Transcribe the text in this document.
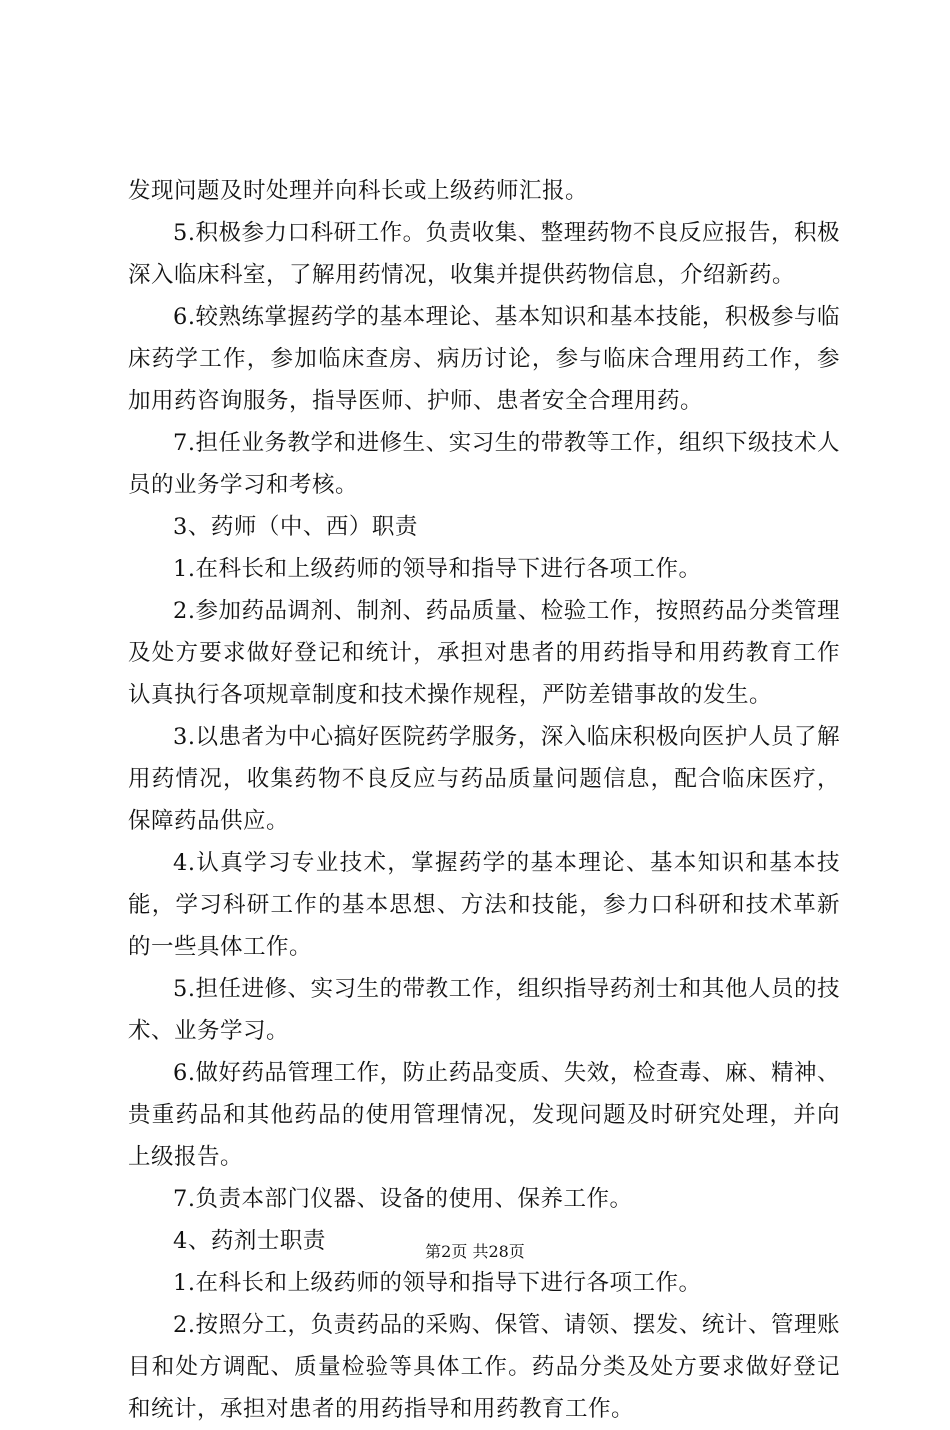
发现问题及时处理并向科长或上级药师汇报。

5.积极参力口科研工作。负责收集、整理药物不良反应报告，积极深入临床科室，了解用药情况，收集并提供药物信息，介绍新药。

6.较熟练掌握药学的基本理论、基本知识和基本技能，积极参与临床药学工作，参加临床查房、病历讨论，参与临床合理用药工作，参加用药咨询服务，指导医师、护师、患者安全合理用药。

7.担任业务教学和进修生、实习生的带教等工作，组织下级技术人员的业务学习和考核。

3、药师（中、西）职责

1.在科长和上级药师的领导和指导下进行各项工作。

2.参加药品调剂、制剂、药品质量、检验工作，按照药品分类管理及处方要求做好登记和统计，承担对患者的用药指导和用药教育工作认真执行各项规章制度和技术操作规程，严防差错事故的发生。

3.以患者为中心搞好医院药学服务，深入临床积极向医护人员了解用药情况，收集药物不良反应与药品质量问题信息，配合临床医疗，保障药品供应。

4.认真学习专业技术，掌握药学的基本理论、基本知识和基本技能，学习科研工作的基本思想、方法和技能，参力口科研和技术革新的一些具体工作。

5.担任进修、实习生的带教工作，组织指导药剂士和其他人员的技术、业务学习。

6.做好药品管理工作，防止药品变质、失效，检查毒、麻、精神、贵重药品和其他药品的使用管理情况，发现问题及时研究处理，并向上级报告。

7.负责本部门仪器、设备的使用、保养工作。

4、药剂士职责

1.在科长和上级药师的领导和指导下进行各项工作。

2.按照分工，负责药品的采购、保管、请领、摆发、统计、管理账目和处方调配、质量检验等具体工作。药品分类及处方要求做好登记和统计，承担对患者的用药指导和用药教育工作。

第2页 共28页
